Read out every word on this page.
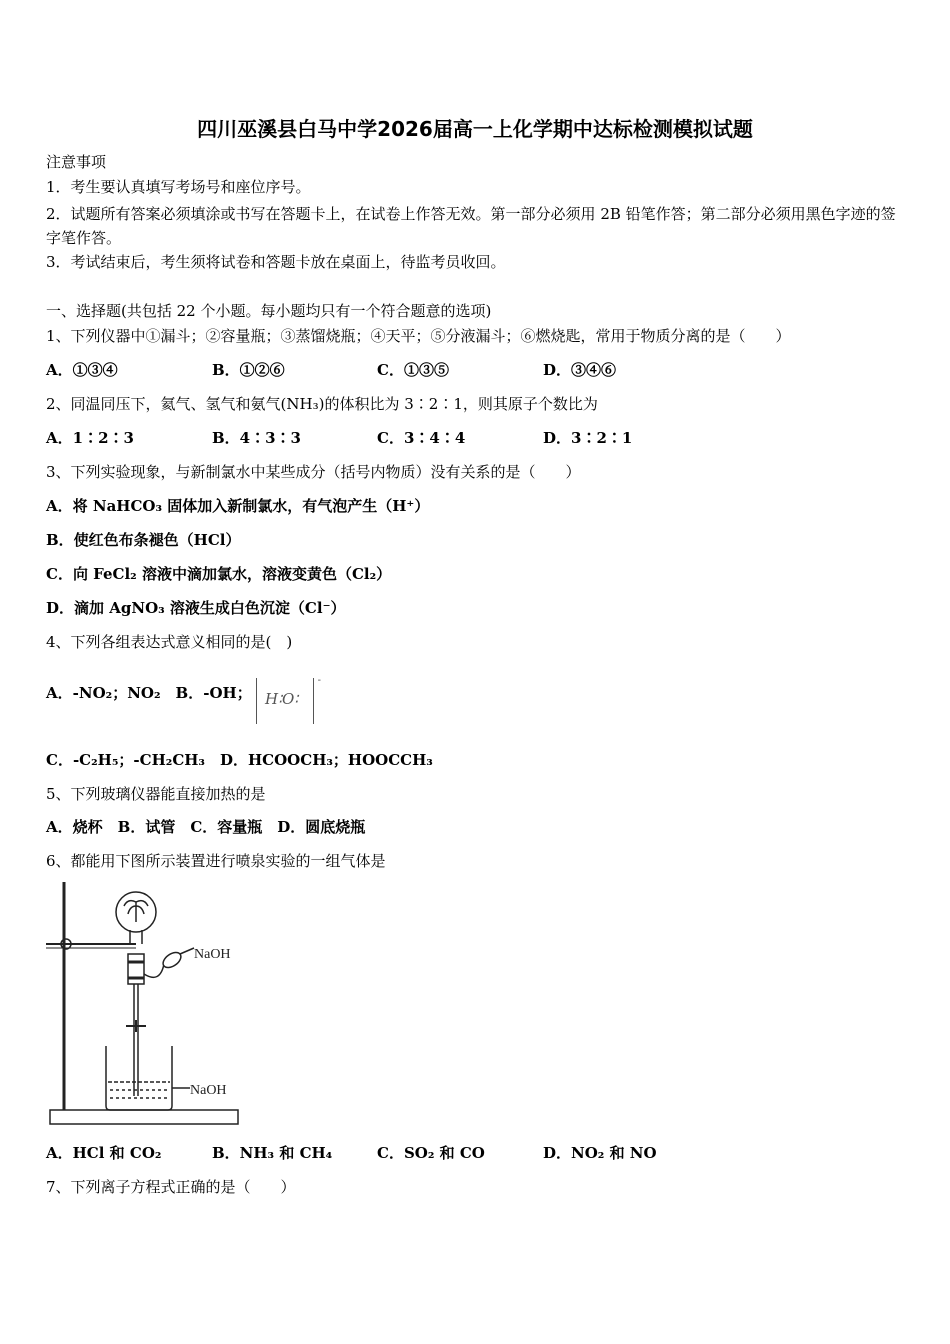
四川巫溪县白马中学2026届高一上化学期中达标检测模拟试题
注意事项
1．考生要认真填写考场号和座位序号。
2．试题所有答案必须填涂或书写在答题卡上，在试卷上作答无效。第一部分必须用 2B 铅笔作答；第二部分必须用黑色字迹的签字笔作答。
3．考试结束后，考生须将试卷和答题卡放在桌面上，待监考员收回。
一、选择题(共包括 22 个小题。每小题均只有一个符合题意的选项)
1、下列仪器中①漏斗；②容量瓶；③蒸馏烧瓶；④天平；⑤分液漏斗；⑥燃烧匙，常用于物质分离的是（　　）
A．①③④	B．①②⑥	C．①③⑤	D．③④⑥
2、同温同压下，氦气、氢气和氨气(NH₃)的体积比为 3∶2∶1，则其原子个数比为
A．1∶2∶3	B．4∶3∶3	C．3∶4∶4	D．3∶2∶1
3、下列实验现象，与新制氯水中某些成分（括号内物质）没有关系的是（　　）
A．将 NaHCO₃ 固体加入新制氯水，有气泡产生（H⁺）
B．使红色布条褪色（HCl）
C．向 FeCl₂ 溶液中滴加氯水，溶液变黄色（Cl₂）
D．滴加 AgNO₃ 溶液生成白色沉淀（Cl⁻）
4、下列各组表达式意义相同的是(　)
A．-NO₂；NO₂　B．-OH； H∶O∶
-
C．-C₂H₅；-CH₂CH₃　D．HCOOCH₃；HOOCCH₃
5、下列玻璃仪器能直接加热的是
A．烧杯　B．试管　C．容量瓶　D．圆底烧瓶
6、都能用下图所示装置进行喷泉实验的一组气体是
NaOH
NaOH
A．HCl 和 CO₂	B．NH₃ 和 CH₄	C．SO₂ 和 CO	D．NO₂ 和 NO
7、下列离子方程式正确的是（　　）
